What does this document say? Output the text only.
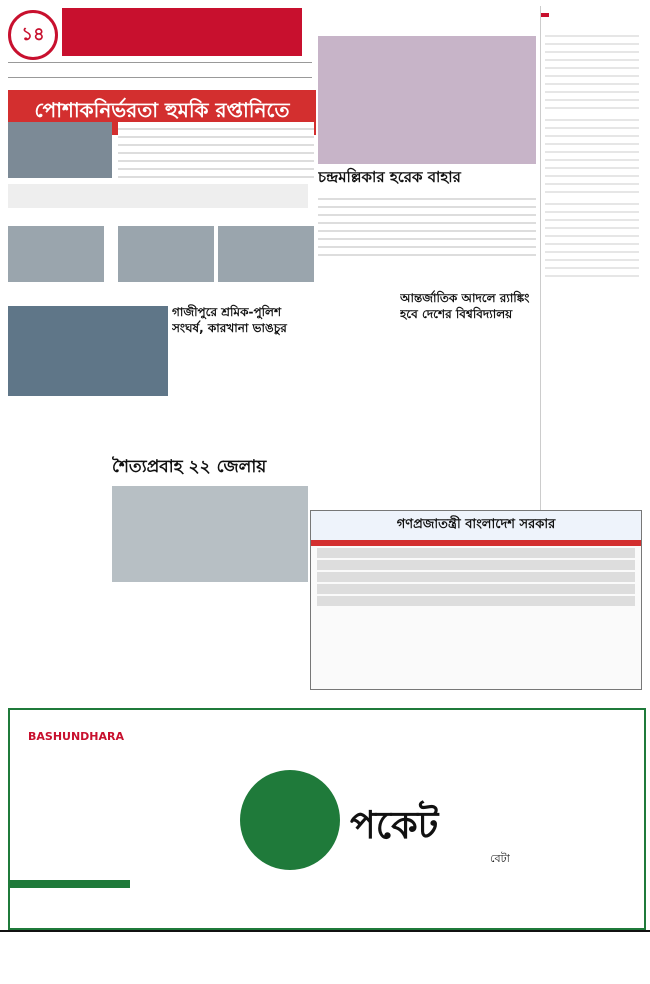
১৪
পোশাকনির্ভরতা হুমকি রপ্তানিতে
চন্দ্রমল্লিকার হরেক বাহার
আন্তর্জাতিক আদলে র‍্যাঙ্কিং হবে দেশের বিশ্ববিদ্যালয়
গাজীপুরে শ্রমিক-পুলিশ সংঘর্ষ, কারখানা ভাঙচুর
শৈত্যপ্রবাহ ২২ জেলায়
গণপ্রজাতন্ত্রী বাংলাদেশ সরকার
BASHUNDHARA
পকেট
বেটা
